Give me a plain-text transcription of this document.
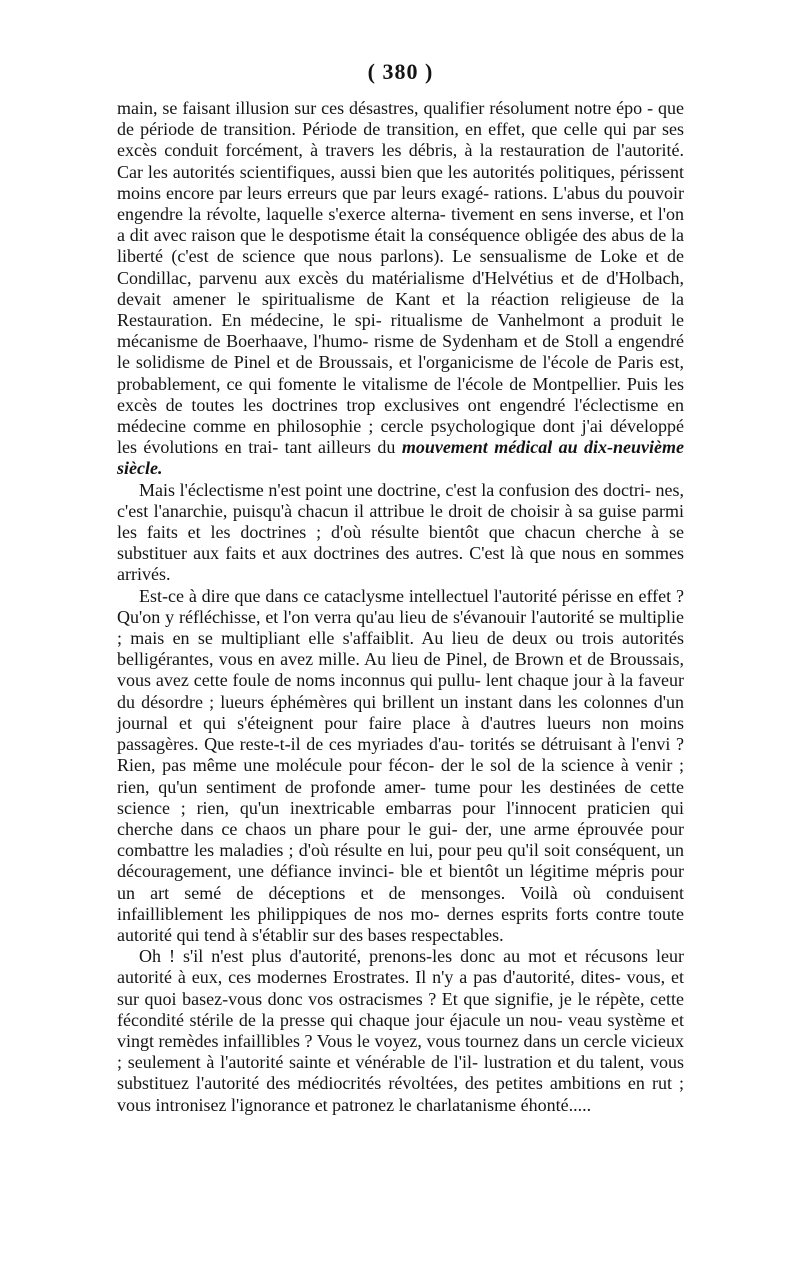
( 380 )

main, se faisant illusion sur ces désastres, qualifier résolument notre épo - que de période de transition. Période de transition, en effet, que celle qui par ses excès conduit forcément, à travers les débris, à la restauration de l'autorité. Car les autorités scientifiques, aussi bien que les autorités politiques, périssent moins encore par leurs erreurs que par leurs exagé- rations. L'abus du pouvoir engendre la révolte, laquelle s'exerce alterna- tivement en sens inverse, et l'on a dit avec raison que le despotisme était la conséquence obligée des abus de la liberté (c'est de science que nous parlons). Le sensualisme de Loke et de Condillac, parvenu aux excès du matérialisme d'Helvétius et de d'Holbach, devait amener le spiritualisme de Kant et la réaction religieuse de la Restauration. En médecine, le spi- ritualisme de Vanhelmont a produit le mécanisme de Boerhaave, l'humo- risme de Sydenham et de Stoll a engendré le solidisme de Pinel et de Broussais, et l'organicisme de l'école de Paris est, probablement, ce qui fomente le vitalisme de l'école de Montpellier. Puis les excès de toutes les doctrines trop exclusives ont engendré l'éclectisme en médecine comme en philosophie ; cercle psychologique dont j'ai développé les évolutions en trai- tant ailleurs du mouvement médical au dix-neuvième siècle.

Mais l'éclectisme n'est point une doctrine, c'est la confusion des doctri- nes, c'est l'anarchie, puisqu'à chacun il attribue le droit de choisir à sa guise parmi les faits et les doctrines ; d'où résulte bientôt que chacun cherche à se substituer aux faits et aux doctrines des autres. C'est là que nous en sommes arrivés.

Est-ce à dire que dans ce cataclysme intellectuel l'autorité périsse en effet ? Qu'on y réfléchisse, et l'on verra qu'au lieu de s'évanouir l'autorité se multiplie ; mais en se multipliant elle s'affaiblit. Au lieu de deux ou trois autorités belligérantes, vous en avez mille. Au lieu de Pinel, de Brown et de Broussais, vous avez cette foule de noms inconnus qui pullu- lent chaque jour à la faveur du désordre ; lueurs éphémères qui brillent un instant dans les colonnes d'un journal et qui s'éteignent pour faire place à d'autres lueurs non moins passagères. Que reste-t-il de ces myriades d'au- torités se détruisant à l'envi ? Rien, pas même une molécule pour fécon- der le sol de la science à venir ; rien, qu'un sentiment de profonde amer- tume pour les destinées de cette science ; rien, qu'un inextricable embarras pour l'innocent praticien qui cherche dans ce chaos un phare pour le gui- der, une arme éprouvée pour combattre les maladies ; d'où résulte en lui, pour peu qu'il soit conséquent, un découragement, une défiance invinci- ble et bientôt un légitime mépris pour un art semé de déceptions et de mensonges. Voilà où conduisent infailliblement les philippiques de nos mo- dernes esprits forts contre toute autorité qui tend à s'établir sur des bases respectables.

Oh ! s'il n'est plus d'autorité, prenons-les donc au mot et récusons leur autorité à eux, ces modernes Erostrates. Il n'y a pas d'autorité, dites- vous, et sur quoi basez-vous donc vos ostracismes ? Et que signifie, je le répète, cette fécondité stérile de la presse qui chaque jour éjacule un nou- veau système et vingt remèdes infaillibles ? Vous le voyez, vous tournez dans un cercle vicieux ; seulement à l'autorité sainte et vénérable de l'il- lustration et du talent, vous substituez l'autorité des médiocrités révoltées, des petites ambitions en rut ; vous intronisez l'ignorance et patronez le charlatanisme éhonté.....
